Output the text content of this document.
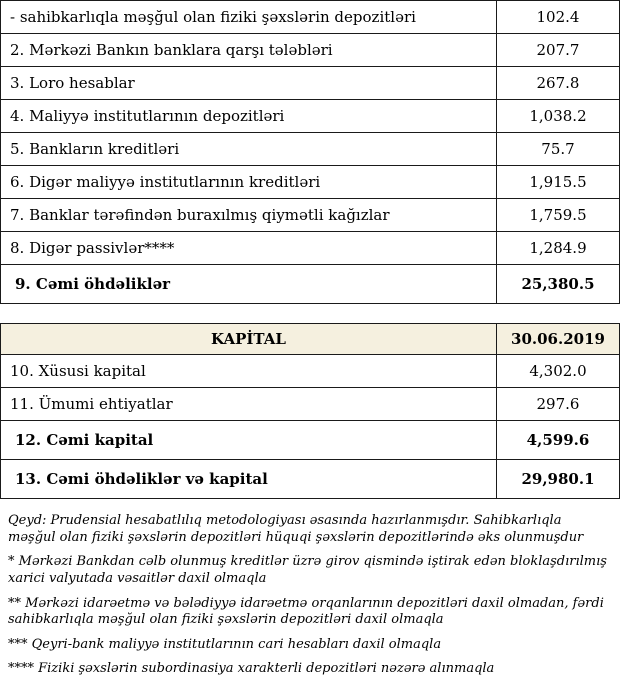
- sahibkarlıqla məşğul olan fiziki şəxslərin depozitləri	102.4
2. Mərkəzi Bankın banklara qarşı tələbləri	207.7
3. Loro hesablar	267.8
4. Maliyyə institutlarının depozitləri	1,038.2
5. Bankların kreditləri	75.7
6. Digər maliyyə institutlarının kreditləri	1,915.5
7. Banklar tərəfindən buraxılmış qiymətli kağızlar	1,759.5
8. Digər passivlər****	1,284.9
9. Cəmi öhdəliklər	25,380.5
KAPİTAL	30.06.2019
10. Xüsusi kapital	4,302.0
11. Ümumi ehtiyatlar	297.6
12. Cəmi kapital	4,599.6
13. Cəmi öhdəliklər və kapital	29,980.1

Qeyd: Prudensial hesabatlılıq metodologiyası əsasında hazırlanmışdır. Sahibkarlıqla məşğul olan fiziki şəxslərin depozitləri hüquqi şəxslərin depozitlərində əks olunmuşdur

* Mərkəzi Bankdan cəlb olunmuş kreditlər üzrə girov qismində iştirak edən bloklaşdırılmış xarici valyutada vəsaitlər daxil olmaqla

** Mərkəzi idarəetmə və bələdiyyə idarəetmə orqanlarının depozitləri daxil olmadan, fərdi sahibkarlıqla məşğul olan fiziki şəxslərin depozitləri daxil olmaqla

*** Qeyri-bank maliyyə institutlarının cari hesabları daxil olmaqla

**** Fiziki şəxslərin subordinasiya xarakterli depozitləri nəzərə alınmaqla
